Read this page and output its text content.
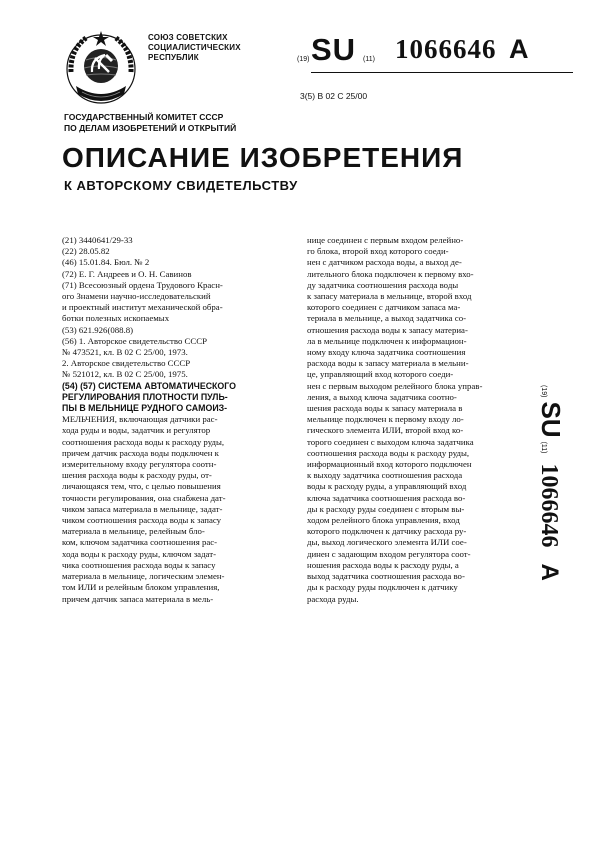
СОЮЗ СОВЕТСКИХ
СОЦИАЛИСТИЧЕСКИХ
РЕСПУБЛИК	(19) SU (11) 1066646 A
3(5) В 02 С 25/00
ГОСУДАРСТВЕННЫЙ КОМИТЕТ СССР
ПО ДЕЛАМ ИЗОБРЕТЕНИЙ И ОТКРЫТИЙ
ОПИСАНИЕ ИЗОБРЕТЕНИЯ
К АВТОРСКОМУ СВИДЕТЕЛЬСТВУ
(21) 3440641/29-33
(22) 28.05.82
(46) 15.01.84. Бюл. № 2
(72) Е. Г. Андреев и О. Н. Савинов
(71) Всесоюзный ордена Трудового Красн-
ого Знамени научно-исследовательский
и проектный институт механической обра-
ботки полезных ископаемых
(53) 621.926(088.8)
(56) 1. Авторское свидетельство СССР
№ 473521, кл. В 02 С 25/00, 1973.
2. Авторское свидетельство СССР
№ 521012, кл. В 02 С 25/00, 1975.
(54) (57) СИСТЕМА АВТОМАТИЧЕСКОГО
РЕГУЛИРОВАНИЯ ПЛОТНОСТИ ПУЛЬ-
ПЫ В МЕЛЬНИЦЕ РУДНОГО САМОИЗ-
МЕЛЬЧЕНИЯ, включающая датчики рас-
хода руды и воды, задатчик и регулятор
соотношения расхода воды к расходу руды,
причем датчик расхода воды подключен к
измерительному входу регулятора соотн-
шения расхода воды к расходу руды, от-
личающаяся тем, что, с целью повышения
точности регулирования, она снабжена дат-
чиком запаса материала в мельнице, задат-
чиком соотношения расхода воды к запасу
материала в мельнице, релейным бло-
ком, ключом задатчика соотношения рас-
хода воды к расходу руды, ключом задат-
чика соотношения расхода воды к запасу
материала в мельнице, логическим элемен-
том ИЛИ и релейным блоком управления,
причем датчик запаса материала в мель-
нице соединен с первым входом релейно-
го блока, второй вход которого соеди-
нен с датчиком расхода воды, а выход де-
лительного блока подключен к первому вхо-
ду задатчика соотношения расхода воды
к запасу материала в мельнице, второй вход
которого соединен с датчиком запаса ма-
териала в мельнице, а выход задатчика со-
отношения расхода воды к запасу материа-
ла в мельнице подключен к информацион-
ному входу ключа задатчика соотношения
расхода воды к запасу материала в мельни-
це, управляющий вход которого соеди-
нен с первым выходом релейного блока управ-
ления, а выход ключа задатчика соотно-
шения расхода воды к запасу материала в
мельнице подключен к первому входу ло-
гического элемента ИЛИ, второй вход ко-
торого соединен с выходом ключа задатчика
соотношения расхода воды к расходу руды,
информационный вход которого подключен
к выходу задатчика соотношения расхода
воды к расходу руды, а управляющий вход
ключа задатчика соотношения расхода во-
ды к расходу руды соединен с вторым вы-
ходом релейного блока управления, вход
которого подключен к датчику расхода ру-
ды, выход логического элемента ИЛИ сое-
динен с задающим входом регулятора соот-
ношения расхода воды к расходу руды, а
выход задатчика соотношения расхода во-
ды к расходу руды подключен к датчику
расхода руды.
(19)SU(11)1066646A
